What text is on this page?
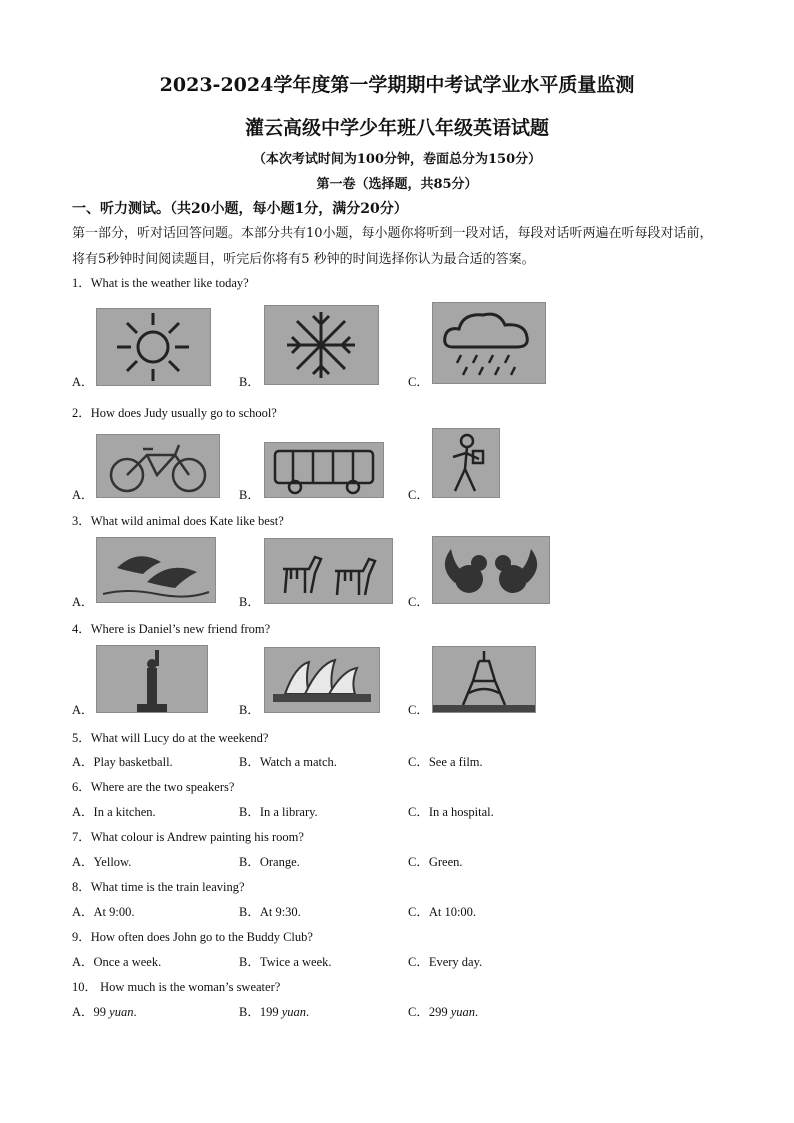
2023-2024学年度第一学期期中考试学业水平质量监测
灌云高级中学少年班八年级英语试题
（本次考试时间为100分钟，卷面总分为150分）
第一卷（选择题，共85分）
一、听力测试。（共20小题，每小题1分，满分20分）
第一部分，听对话回答问题。本部分共有10小题，每小题你将听到一段对话，每段对话听两遍在听每段对话前，将有5秒钟时间阅读题目，听完后你将有5 秒钟的时间选择你认为最合适的答案。
1．What is the weather like today?
A．	B．	C．
2．How does Judy usually go to school?
A．	B．	C．
3．What wild animal does Kate like best?
A．	B．	C．
4．Where is Daniel’s new friend from?
A．	B．	C．
5．What will Lucy do at the weekend?
A．Play basketball.	B．Watch a match.	C．See a film.
6．Where are the two speakers?
A．In a kitchen.	B．In a library.	C．In a hospital.
7．What colour is Andrew painting his room?
A．Yellow.	B．Orange.	C．Green.
8．What time is the train leaving?
A．At 9:00.	B．At 9:30.	C．At 10:00.
9．How often does John go to the Buddy Club?
A．Once a week.	B．Twice a week.	C．Every day.
10． How much is the woman’s sweater?
A．99 yuan.	B．199 yuan.	C．299 yuan.
